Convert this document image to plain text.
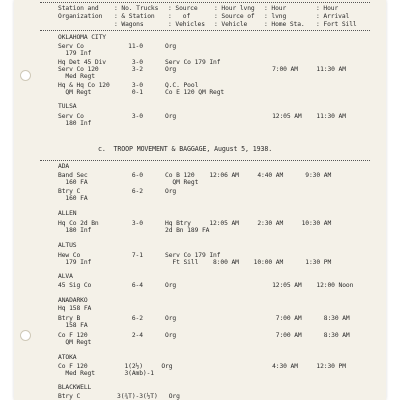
Station and : No. Trucks : Source	: Hour lvng : Hour	: Hour
Organization : & Station :   of	: Source of : lvng	: Arrival
: Wagons	: Vehicles : Vehicle	: Home Sta. : Fort Sill
OKLAHOMA CITY
Serv Co            11-0      Org
179 Inf
Hq Det 45 Div       3-0      Serv Co 179 Inf
Serv Co 120         3-2      Org                          7:00 AM     11:30 AM
Med Regt
Hq & Hq Co 120      3-0      Q.C. Pool
QM Regt           0-1      Co E 120 QM Regt
TULSA
Serv Co             3-0      Org                          12:05 AM    11:30 AM
180 Inf
c.  TROOP MOVEMENT & BAGGAGE, August 5, 1938.
ADA
Band Sec            6-0      Co B 120    12:06 AM     4:40 AM      9:30 AM
160 FA                       QM Regt
Btry C              6-2      Org
160 FA
ALLEN
Hq Co 2d Bn         3-0      Hq Btry     12:05 AM     2:30 AM     10:30 AM
180 Inf                    2d Bn 189 FA
ALTUS
Hew Co              7-1      Serv Co 179 Inf
179 Inf                      Ft Sill    8:00 AM    10:00 AM      1:30 PM
ALVA
45 Sig Co           6-4      Org                          12:05 AM    12:00 Noon
ANADARKO
Hq 158 FA
Btry B              6-2      Org                           7:00 AM      8:30 AM
158 FA
Co F 120            2-4      Org                           7:00 AM      8:30 AM
QM Regt
ATOKA
Co F 120          1(2½)     Org                           4:30 AM     12:30 PM
Med Regt        3(Amb)-1
BLACKWELL
Btry C          3(¾T)-3(½T)   Org
